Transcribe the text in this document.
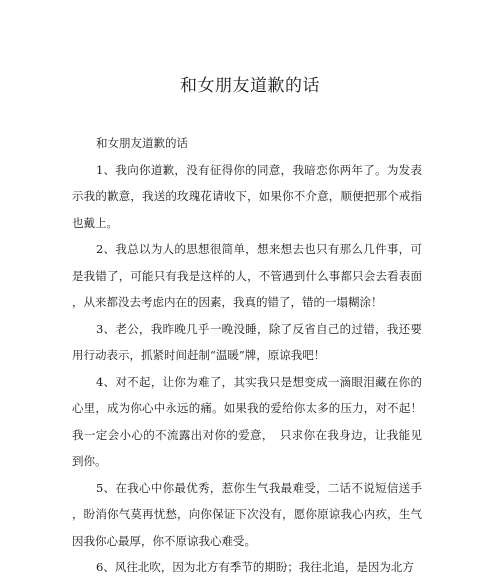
和女朋友道歉的话
和女朋友道歉的话

1、我向你道歉，没有征得你的同意，我暗恋你两年了。为发表示我的歉意，我送的玫瑰花请收下，如果你不介意，顺便把那个戒指也戴上。

2、我总以为人的思想很简单，想来想去也只有那么几件事，可是我错了，可能只有我是这样的人，不管遇到什么事都只会去看表面，从来都没去考虑内在的因素，我真的错了，错的一塌糊涂！

3、老公，我昨晚几乎一晚没睡，除了反省自己的过错，我还要用行动表示，抓紧时间赶制“温暖”牌，原谅我吧！

4、对不起，让你为难了，其实我只是想变成一滴眼泪藏在你的心里，成为你心中永远的痛。如果我的爱给你太多的压力，对不起！我一定会小心的不流露出对你的爱意，　只求你在我身边，让我能见到你。

5、在我心中你最优秀，惹你生气我最难受，二话不说短信送手，盼消你气莫再忧愁，向你保证下次没有，愿你原谅我心内疚，生气因我你心最厚，你不原谅我心难受。

6、风往北吹，因为北方有季节的期盼；我往北追，是因为北方
